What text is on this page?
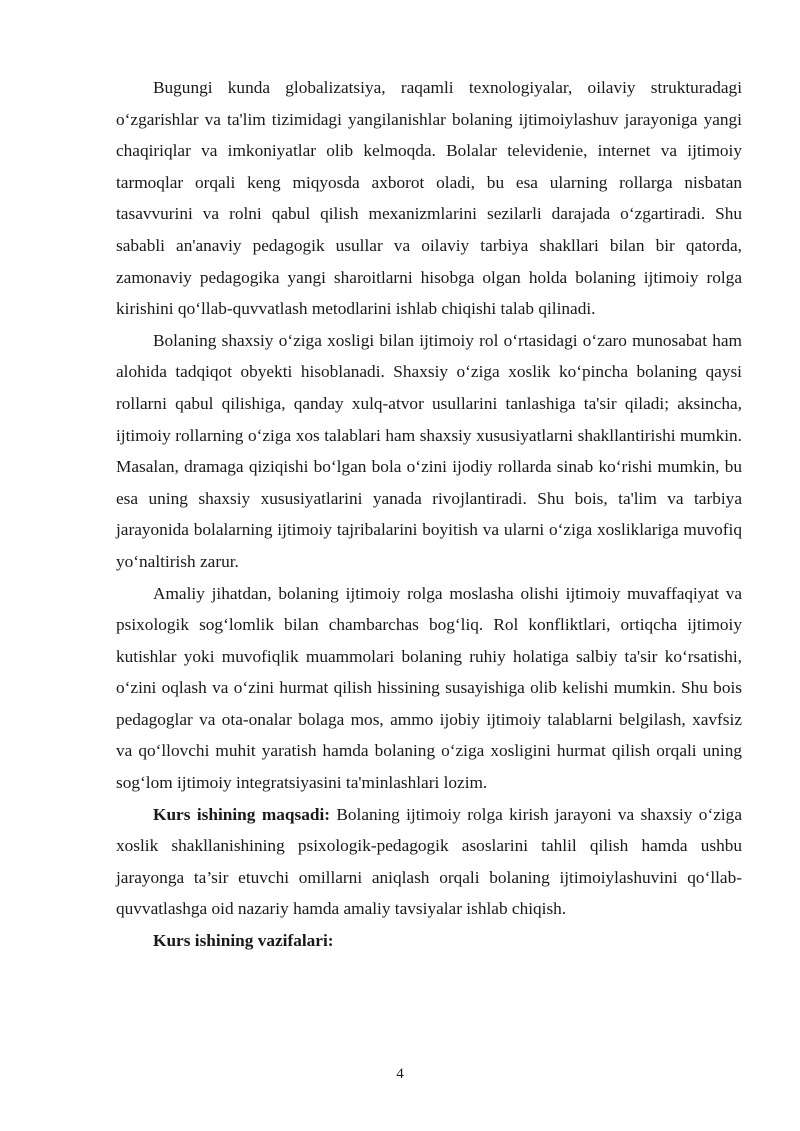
Bugungi kunda globalizatsiya, raqamli texnologiyalar, oilaviy strukturadagi o‘zgarishlar va ta'lim tizimidagi yangilanishlar bolaning ijtimoiylashuv jarayoniga yangi chaqiriqlar va imkoniyatlar olib kelmoqda. Bolalar televidenie, internet va ijtimoiy tarmoqlar orqali keng miqyosda axborot oladi, bu esa ularning rollarga nisbatan tasavvurini va rolni qabul qilish mexanizmlarini sezilarli darajada o‘zgartiradi. Shu sababli an'anaviy pedagogik usullar va oilaviy tarbiya shakllari bilan bir qatorda, zamonaviy pedagogika yangi sharoitlarni hisobga olgan holda bolaning ijtimoiy rolga kirishini qo‘llab-quvvatlash metodlarini ishlab chiqishi talab qilinadi.

Bolaning shaxsiy o‘ziga xosligi bilan ijtimoiy rol o‘rtasidagi o‘zaro munosabat ham alohida tadqiqot obyekti hisoblanadi. Shaxsiy o‘ziga xoslik ko‘pincha bolaning qaysi rollarni qabul qilishiga, qanday xulq-atvor usullarini tanlashiga ta'sir qiladi; aksincha, ijtimoiy rollarning o‘ziga xos talablari ham shaxsiy xususiyatlarni shakllantirishi mumkin. Masalan, dramaga qiziqishi bo‘lgan bola o‘zini ijodiy rollarda sinab ko‘rishi mumkin, bu esa uning shaxsiy xususiyatlarini yanada rivojlantiradi. Shu bois, ta'lim va tarbiya jarayonida bolalarning ijtimoiy tajribalarini boyitish va ularni o‘ziga xosliklariga muvofiq yo‘naltirish zarur.

Amaliy jihatdan, bolaning ijtimoiy rolga moslasha olishi ijtimoiy muvaffaqiyat va psixologik sog‘lomlik bilan chambarchas bog‘liq. Rol konfliktlari, ortiqcha ijtimoiy kutishlar yoki muvofiqlik muammolari bolaning ruhiy holatiga salbiy ta'sir ko‘rsatishi, o‘zini oqlash va o‘zini hurmat qilish hissining susayishiga olib kelishi mumkin. Shu bois pedagoglar va ota-onalar bolaga mos, ammo ijobiy ijtimoiy talablarni belgilash, xavfsiz va qo‘llovchi muhit yaratish hamda bolaning o‘ziga xosligini hurmat qilish orqali uning sog‘lom ijtimoiy integratsiyasini ta'minlashlari lozim.

Kurs ishining maqsadi: Bolaning ijtimoiy rolga kirish jarayoni va shaxsiy o‘ziga xoslik shakllanishining psixologik-pedagogik asoslarini tahlil qilish hamda ushbu jarayonga ta’sir etuvchi omillarni aniqlash orqali bolaning ijtimoiylashuvini qo‘llab-quvvatlashga oid nazariy hamda amaliy tavsiyalar ishlab chiqish.

Kurs ishining vazifalari:

4
